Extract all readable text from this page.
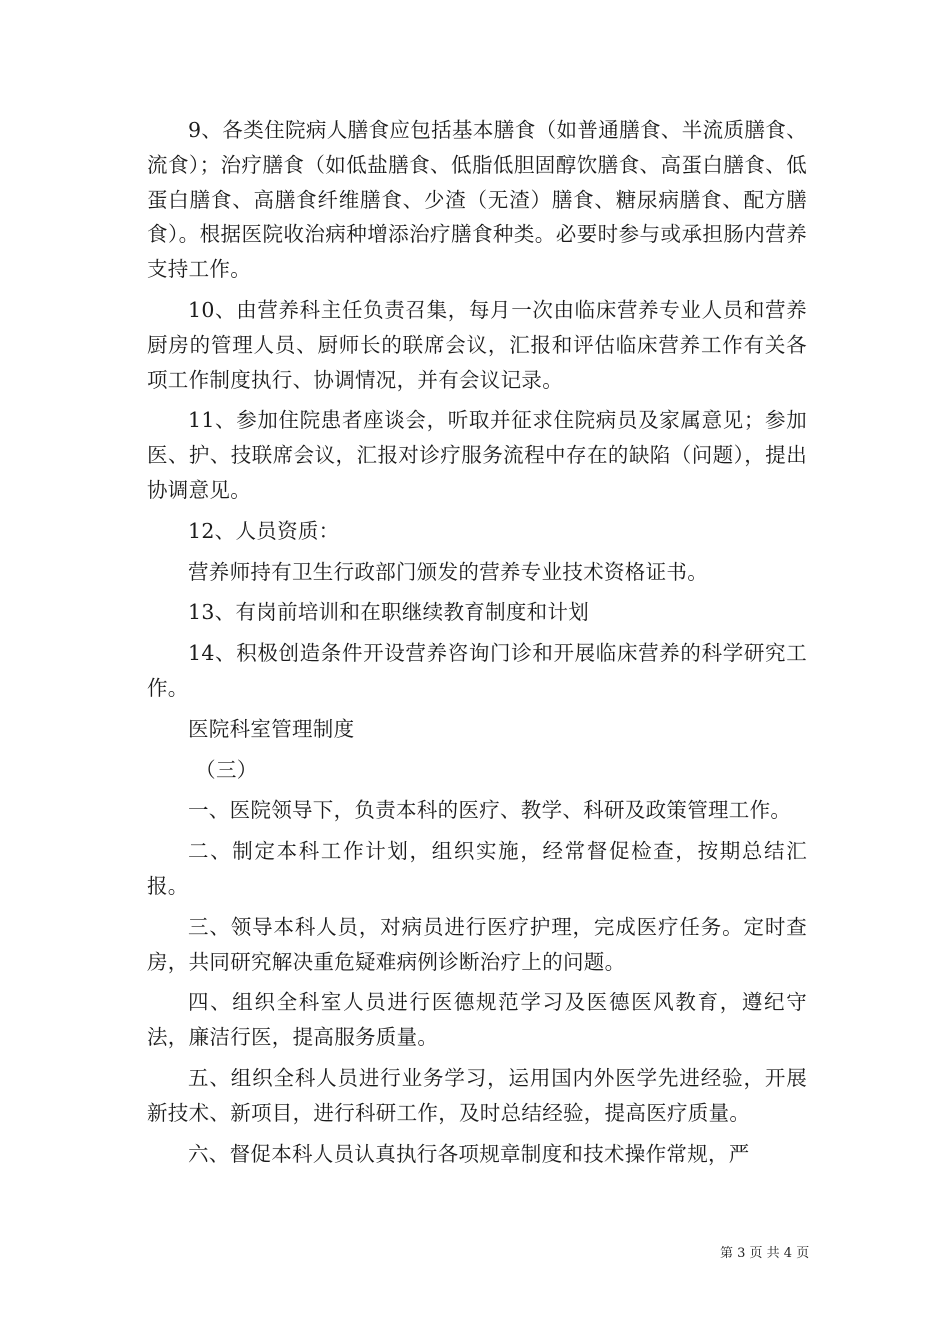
9、各类住院病人膳食应包括基本膳食（如普通膳食、半流质膳食、流食）；治疗膳食（如低盐膳食、低脂低胆固醇饮膳食、高蛋白膳食、低蛋白膳食、高膳食纤维膳食、少渣（无渣）膳食、糖尿病膳食、配方膳食）。根据医院收治病种增添治疗膳食种类。必要时参与或承担肠内营养支持工作。

10、由营养科主任负责召集，每月一次由临床营养专业人员和营养厨房的管理人员、厨师长的联席会议，汇报和评估临床营养工作有关各项工作制度执行、协调情况，并有会议记录。

11、参加住院患者座谈会，听取并征求住院病员及家属意见；参加医、护、技联席会议，汇报对诊疗服务流程中存在的缺陷（问题），提出协调意见。

12、人员资质：

营养师持有卫生行政部门颁发的营养专业技术资格证书。

13、有岗前培训和在职继续教育制度和计划

14、积极创造条件开设营养咨询门诊和开展临床营养的科学研究工作。

医院科室管理制度

（三）

一、医院领导下，负责本科的医疗、教学、科研及政策管理工作。

二、制定本科工作计划，组织实施，经常督促检查，按期总结汇报。

三、领导本科人员，对病员进行医疗护理，完成医疗任务。定时查房，共同研究解决重危疑难病例诊断治疗上的问题。

四、组织全科室人员进行医德规范学习及医德医风教育，遵纪守法，廉洁行医，提高服务质量。

五、组织全科人员进行业务学习，运用国内外医学先进经验，开展新技术、新项目，进行科研工作，及时总结经验，提高医疗质量。

六、督促本科人员认真执行各项规章制度和技术操作常规，严

第 3 页 共 4 页
